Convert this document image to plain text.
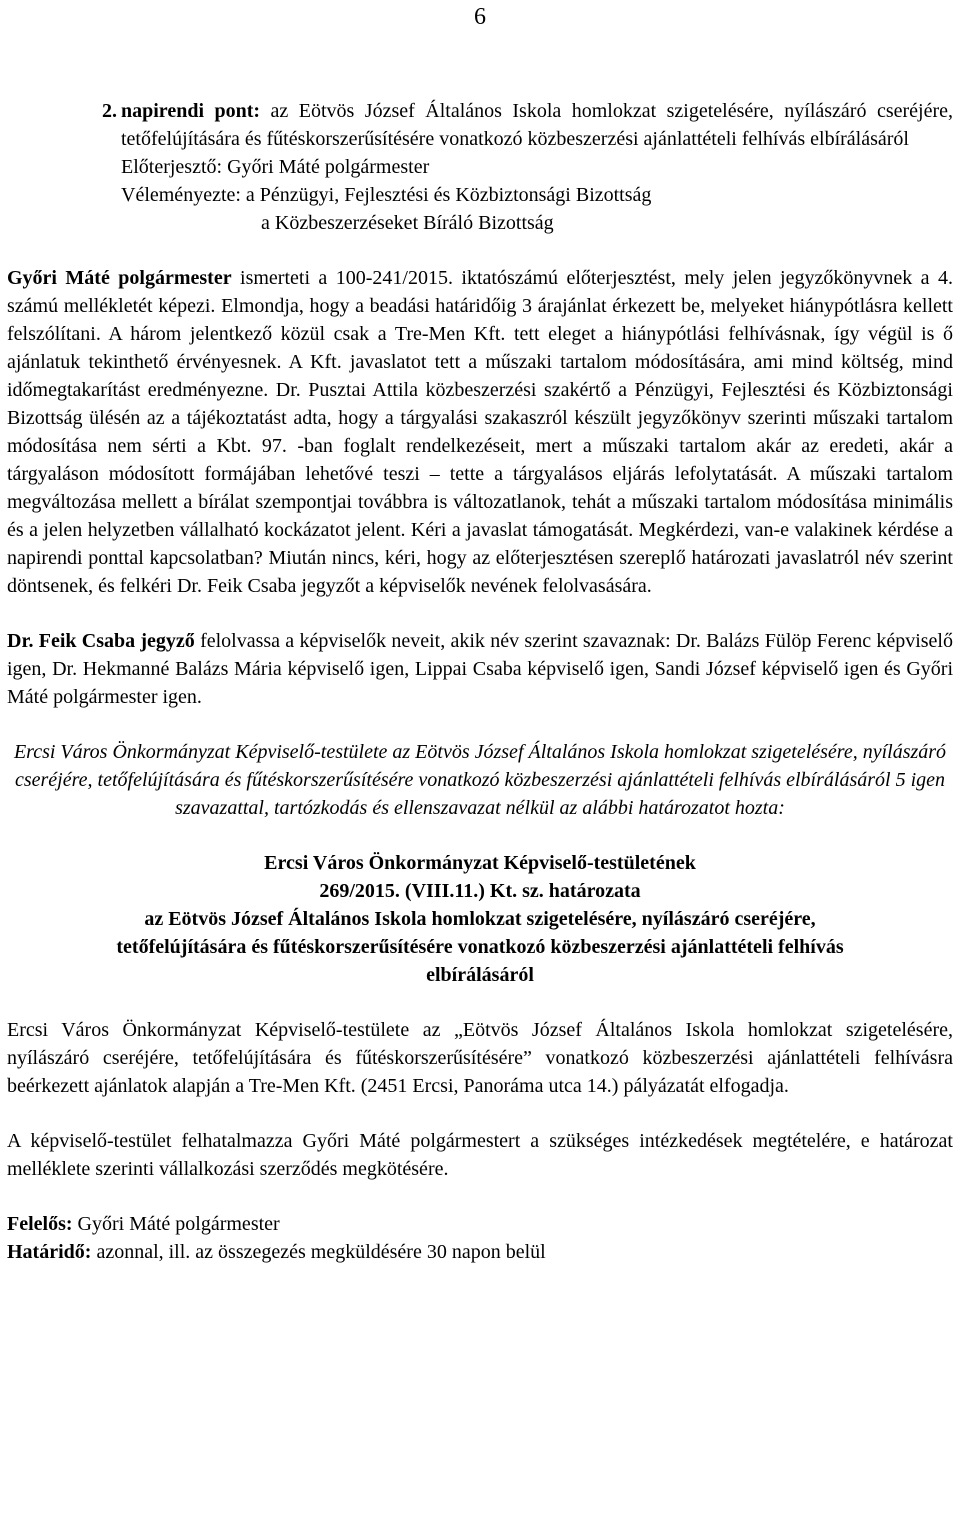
6
2. napirendi pont: az Eötvös József Általános Iskola homlokzat szigetelésére, nyílászáró cseréjére, tetőfelújítására és fűtéskorszerűsítésére vonatkozó közbeszerzési ajánlattételi felhívás elbírálásáról

Előterjesztő: Győri Máté polgármester
Véleményezte: a Pénzügyi, Fejlesztési és Közbiztonsági Bizottság
a Közbeszerzéseket Bíráló Bizottság

Győri Máté polgármester ismerteti a 100-241/2015. iktatószámú előterjesztést, mely jelen jegyzőkönyvnek a 4. számú mellékletét képezi. Elmondja, hogy a beadási határidőig 3 árajánlat érkezett be, melyeket hiánypótlásra kellett felszólítani. A három jelentkező közül csak a Tre-Men Kft. tett eleget a hiánypótlási felhívásnak, így végül is ő ajánlatuk tekinthető érvényesnek. A Kft. javaslatot tett a műszaki tartalom módosítására, ami mind költség, mind időmegtakarítást eredményezne. Dr. Pusztai Attila közbeszerzési szakértő a Pénzügyi, Fejlesztési és Közbiztonsági Bizottság ülésén az a tájékoztatást adta, hogy a tárgyalási szakaszról készült jegyzőkönyv szerinti műszaki tartalom módosítása nem sérti a Kbt. 97. -ban foglalt rendelkezéseit, mert a műszaki tartalom akár az eredeti, akár a tárgyaláson módosított formájában lehetővé teszi – tette a tárgyalásos eljárás lefolytatását. A műszaki tartalom megváltozása mellett a bírálat szempontjai továbbra is változatlanok, tehát a műszaki tartalom módosítása minimális és a jelen helyzetben vállalható kockázatot jelent. Kéri a javaslat támogatását. Megkérdezi, van-e valakinek kérdése a napirendi ponttal kapcsolatban? Miután nincs, kéri, hogy az előterjesztésen szereplő határozati javaslatról név szerint döntsenek, és felkéri Dr. Feik Csaba jegyzőt a képviselők nevének felolvasására.

Dr. Feik Csaba jegyző felolvassa a képviselők neveit, akik név szerint szavaznak: Dr. Balázs Fülöp Ferenc képviselő igen, Dr. Hekmanné Balázs Mária képviselő igen, Lippai Csaba képviselő igen, Sandi József képviselő igen és Győri Máté polgármester igen.

Ercsi Város Önkormányzat Képviselő-testülete az Eötvös József Általános Iskola homlokzat szigetelésére, nyílászáró cseréjére, tetőfelújítására és fűtéskorszerűsítésére vonatkozó közbeszerzési ajánlattételi felhívás elbírálásáról 5 igen szavazattal, tartózkodás és ellenszavazat nélkül az alábbi határozatot hozta:

Ercsi Város Önkormányzat Képviselő-testületének
269/2015. (VIII.11.) Kt. sz. határozata
az Eötvös József Általános Iskola homlokzat szigetelésére, nyílászáró cseréjére,
tetőfelújítására és fűtéskorszerűsítésére vonatkozó közbeszerzési ajánlattételi felhívás
elbírálásáról

Ercsi Város Önkormányzat Képviselő-testülete az „Eötvös József Általános Iskola homlokzat szigetelésére, nyílászáró cseréjére, tetőfelújítására és fűtéskorszerűsítésére” vonatkozó közbeszerzési ajánlattételi felhívásra beérkezett ajánlatok alapján a Tre-Men Kft. (2451 Ercsi, Panoráma utca 14.) pályázatát elfogadja.

A képviselő-testület felhatalmazza Győri Máté polgármestert a szükséges intézkedések megtételére, e határozat melléklete szerinti vállalkozási szerződés megkötésére.

Felelős: Győri Máté polgármester
Határidő: azonnal, ill. az összegezés megküldésére 30 napon belül
